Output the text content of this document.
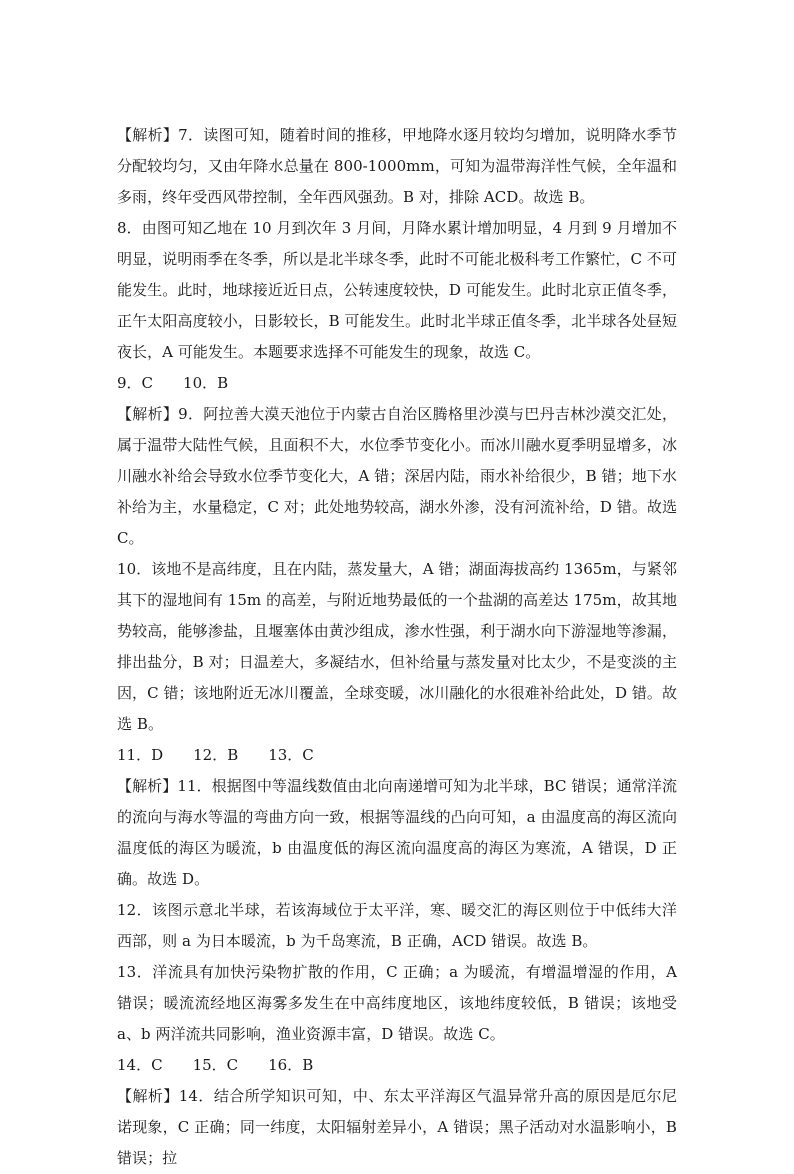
【解析】7．读图可知，随着时间的推移，甲地降水逐月较均匀增加，说明降水季节分配较均匀，又由年降水总量在 800-1000mm，可知为温带海洋性气候，全年温和多雨，终年受西风带控制，全年西风强劲。B 对，排除 ACD。故选 B。

8．由图可知乙地在 10 月到次年 3 月间，月降水累计增加明显，4 月到 9 月增加不明显，说明雨季在冬季，所以是北半球冬季，此时不可能北极科考工作繁忙，C 不可能发生。此时，地球接近近日点，公转速度较快，D 可能发生。此时北京正值冬季，正午太阳高度较小，日影较长，B 可能发生。此时北半球正值冬季，北半球各处昼短夜长，A 可能发生。本题要求选择不可能发生的现象，故选 C。

9．C　　10．B

【解析】9．阿拉善大漠天池位于内蒙古自治区腾格里沙漠与巴丹吉林沙漠交汇处，属于温带大陆性气候，且面积不大，水位季节变化小。而冰川融水夏季明显增多，冰川融水补给会导致水位季节变化大，A 错；深居内陆，雨水补给很少，B 错；地下水补给为主，水量稳定，C 对；此处地势较高，湖水外渗，没有河流补给，D 错。故选 C。

10．该地不是高纬度，且在内陆，蒸发量大，A 错；湖面海拔高约 1365m，与紧邻其下的湿地间有 15m 的高差，与附近地势最低的一个盐湖的高差达 175m，故其地势较高，能够渗盐，且堰塞体由黄沙组成，渗水性强，利于湖水向下游湿地等渗漏，排出盐分，B 对；日温差大，多凝结水，但补给量与蒸发量对比太少，不是变淡的主因，C 错；该地附近无冰川覆盖，全球变暖，冰川融化的水很难补给此处，D 错。故选 B。

11．D　　12．B　　13．C

【解析】11．根据图中等温线数值由北向南递增可知为北半球，BC 错误；通常洋流的流向与海水等温的弯曲方向一致，根据等温线的凸向可知，a 由温度高的海区流向温度低的海区为暖流，b 由温度低的海区流向温度高的海区为寒流，A 错误，D 正确。故选 D。

12．该图示意北半球，若该海域位于太平洋，寒、暖交汇的海区则位于中低纬大洋西部，则 a 为日本暖流，b 为千岛寒流，B 正确，ACD 错误。故选 B。

13．洋流具有加快污染物扩散的作用，C 正确；a 为暖流，有增温增湿的作用，A 错误；暖流流经地区海雾多发生在中高纬度地区，该地纬度较低，B 错误；该地受 a、b 两洋流共同影响，渔业资源丰富，D 错误。故选 C。

14．C　　15．C　　16．B

【解析】14．结合所学知识可知，中、东太平洋海区气温异常升高的原因是厄尔尼诺现象，C 正确；同一纬度，太阳辐射差异小，A 错误；黑子活动对水温影响小，B 错误；拉
